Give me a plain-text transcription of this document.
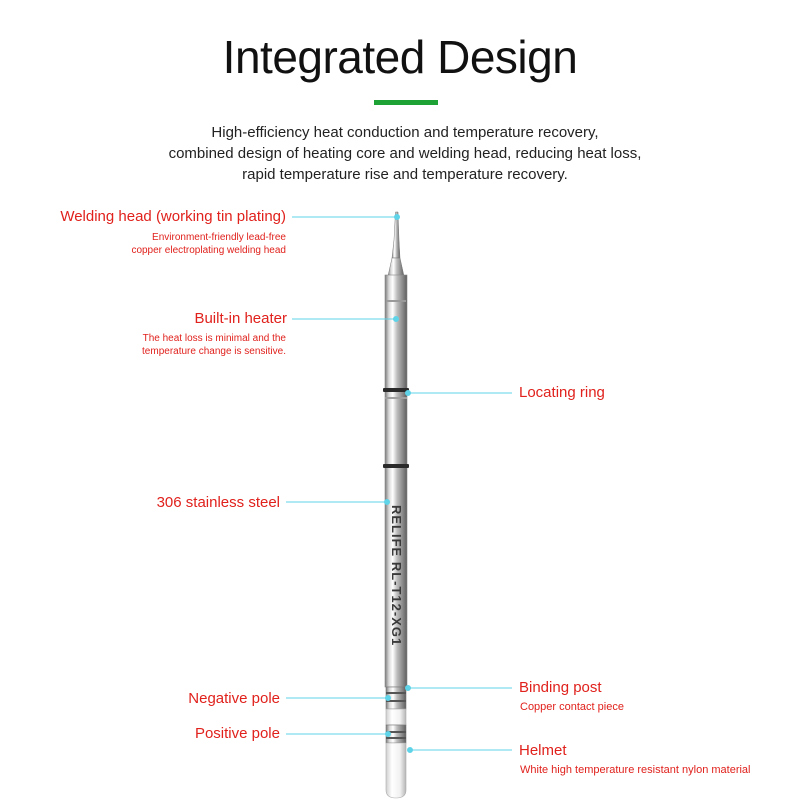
Integrated Design
High-efficiency heat conduction and temperature recovery,
combined design of heating core and welding head, reducing heat loss,
rapid temperature rise and temperature recovery.
RELIFE RL-T12-XG1
Welding head (working tin plating)
Environment-friendly lead-free
copper electroplating welding head
Built-in heater
The heat loss is minimal and the
temperature change is sensitive.
306 stainless steel
Negative pole
Positive pole
Locating ring
Binding post
Copper contact piece
Helmet
White high temperature resistant nylon material
